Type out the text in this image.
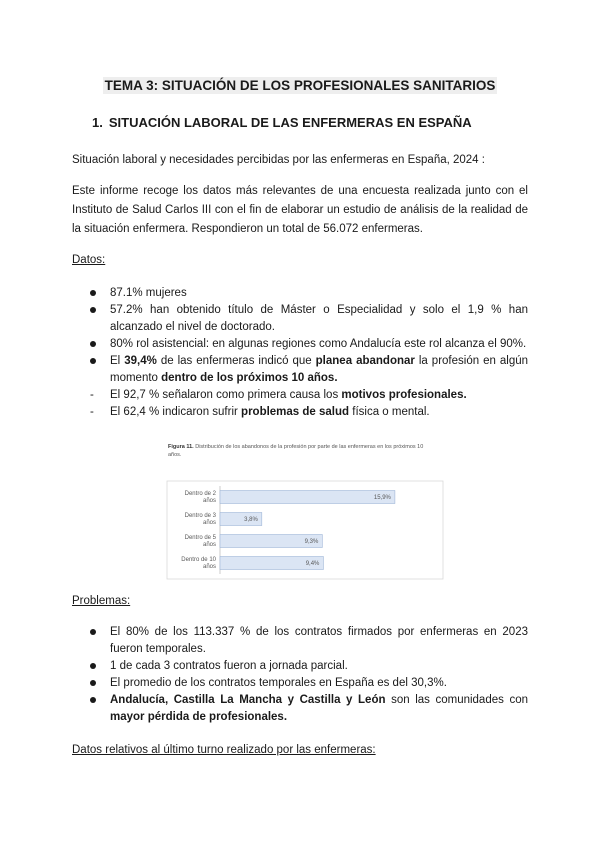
TEMA 3: SITUACIÓN DE LOS PROFESIONALES SANITARIOS
1. SITUACIÓN LABORAL DE LAS ENFERMERAS EN ESPAÑA
Situación laboral y necesidades percibidas por las enfermeras en España, 2024 :
Este informe recoge los datos más relevantes de una encuesta realizada junto con el Instituto de Salud Carlos III con el fin de elaborar un estudio de análisis de la realidad de la situación enfermera. Respondieron un total de 56.072 enfermeras.
Datos:
87.1% mujeres
57.2% han obtenido título de Máster o Especialidad y solo el 1,9 % han alcanzado el nivel de doctorado.
80% rol asistencial: en algunas regiones como Andalucía este rol alcanza el 90%.
El 39,4% de las enfermeras indicó que planea abandonar la profesión en algún momento dentro de los próximos 10 años.
- El 92,7 % señalaron como primera causa los motivos profesionales.
- El 62,4 % indicaron sufrir problemas de salud física o mental.
Figura 11. Distribución de los abandonos de la profesión por parte de las enfermeras en los próximos 10 años.
Dentro de 2 años	15,9%
Dentro de 3 años	3,8%
Dentro de 5 años	9,3%
Dentro de 10 años	9,4%
Problemas:
El 80% de los 113.337 % de los contratos firmados por enfermeras en 2023 fueron temporales.
1 de cada 3 contratos fueron a jornada parcial.
El promedio de los contratos temporales en España es del 30,3%.
Andalucía, Castilla La Mancha y Castilla y León son las comunidades con mayor pérdida de profesionales.
Datos relativos al último turno realizado por las enfermeras:
